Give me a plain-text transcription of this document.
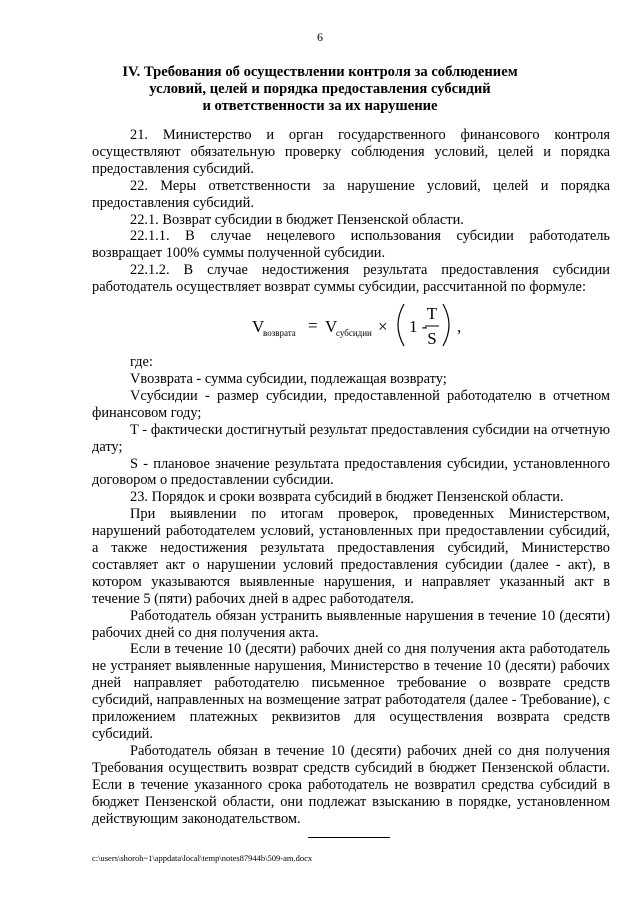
6
IV. Требования об осуществлении контроля за соблюдением
условий, целей и порядка предоставления субсидий
и ответственности за их нарушение

21. Министерство и орган государственного финансового контроля осуществляют обязательную проверку соблюдения условий, целей и порядка предоставления субсидий.

22. Меры ответственности за нарушение условий, целей и порядка предоставления субсидий.

22.1. Возврат субсидии в бюджет Пензенской области.

22.1.1. В случае нецелевого использования субсидии работодатель возвращает 100% суммы полученной субсидии.

22.1.2. В случае недостижения результата предоставления субсидии работодатель осуществляет возврат суммы субсидии, рассчитанной по формуле:

V
возврата = V
субсидии × 1 -
T
S
,

где:

Vвозврата - сумма субсидии, подлежащая возврату;

Vсубсидии - размер субсидии, предоставленной работодателю в отчетном финансовом году;

T - фактически достигнутый результат предоставления субсидии на отчетную дату;

S - плановое значение результата предоставления субсидии, установленного договором о предоставлении субсидии.

23. Порядок и сроки возврата субсидий в бюджет Пензенской области.

При выявлении по итогам проверок, проведенных Министерством, нарушений работодателем условий, установленных при предоставлении субсидий, а также недостижения результата предоставления субсидий, Министерство составляет акт о нарушении условий предоставления субсидии (далее - акт), в котором указываются выявленные нарушения, и направляет указанный акт в течение 5 (пяти) рабочих дней в адрес работодателя.

Работодатель обязан устранить выявленные нарушения в течение 10 (десяти) рабочих дней со дня получения акта.

Если в течение 10 (десяти) рабочих дней со дня получения акта работодатель не устраняет выявленные нарушения, Министерство в течение 10 (десяти) рабочих дней направляет работодателю письменное требование о возврате средств субсидий, направленных на возмещение затрат работодателя (далее - Требование), с приложением платежных реквизитов для осуществления возврата средств субсидий.

Работодатель обязан в течение 10 (десяти) рабочих дней со дня получения Требования осуществить возврат средств субсидий в бюджет Пензенской области. Если в течение указанного срока работодатель не возвратил средства субсидий в бюджет Пензенской области, они подлежат взысканию в порядке, установленном действующим законодательством.

c:\users\shoroh~1\appdata\local\temp\notes87944b\509-am.docx
